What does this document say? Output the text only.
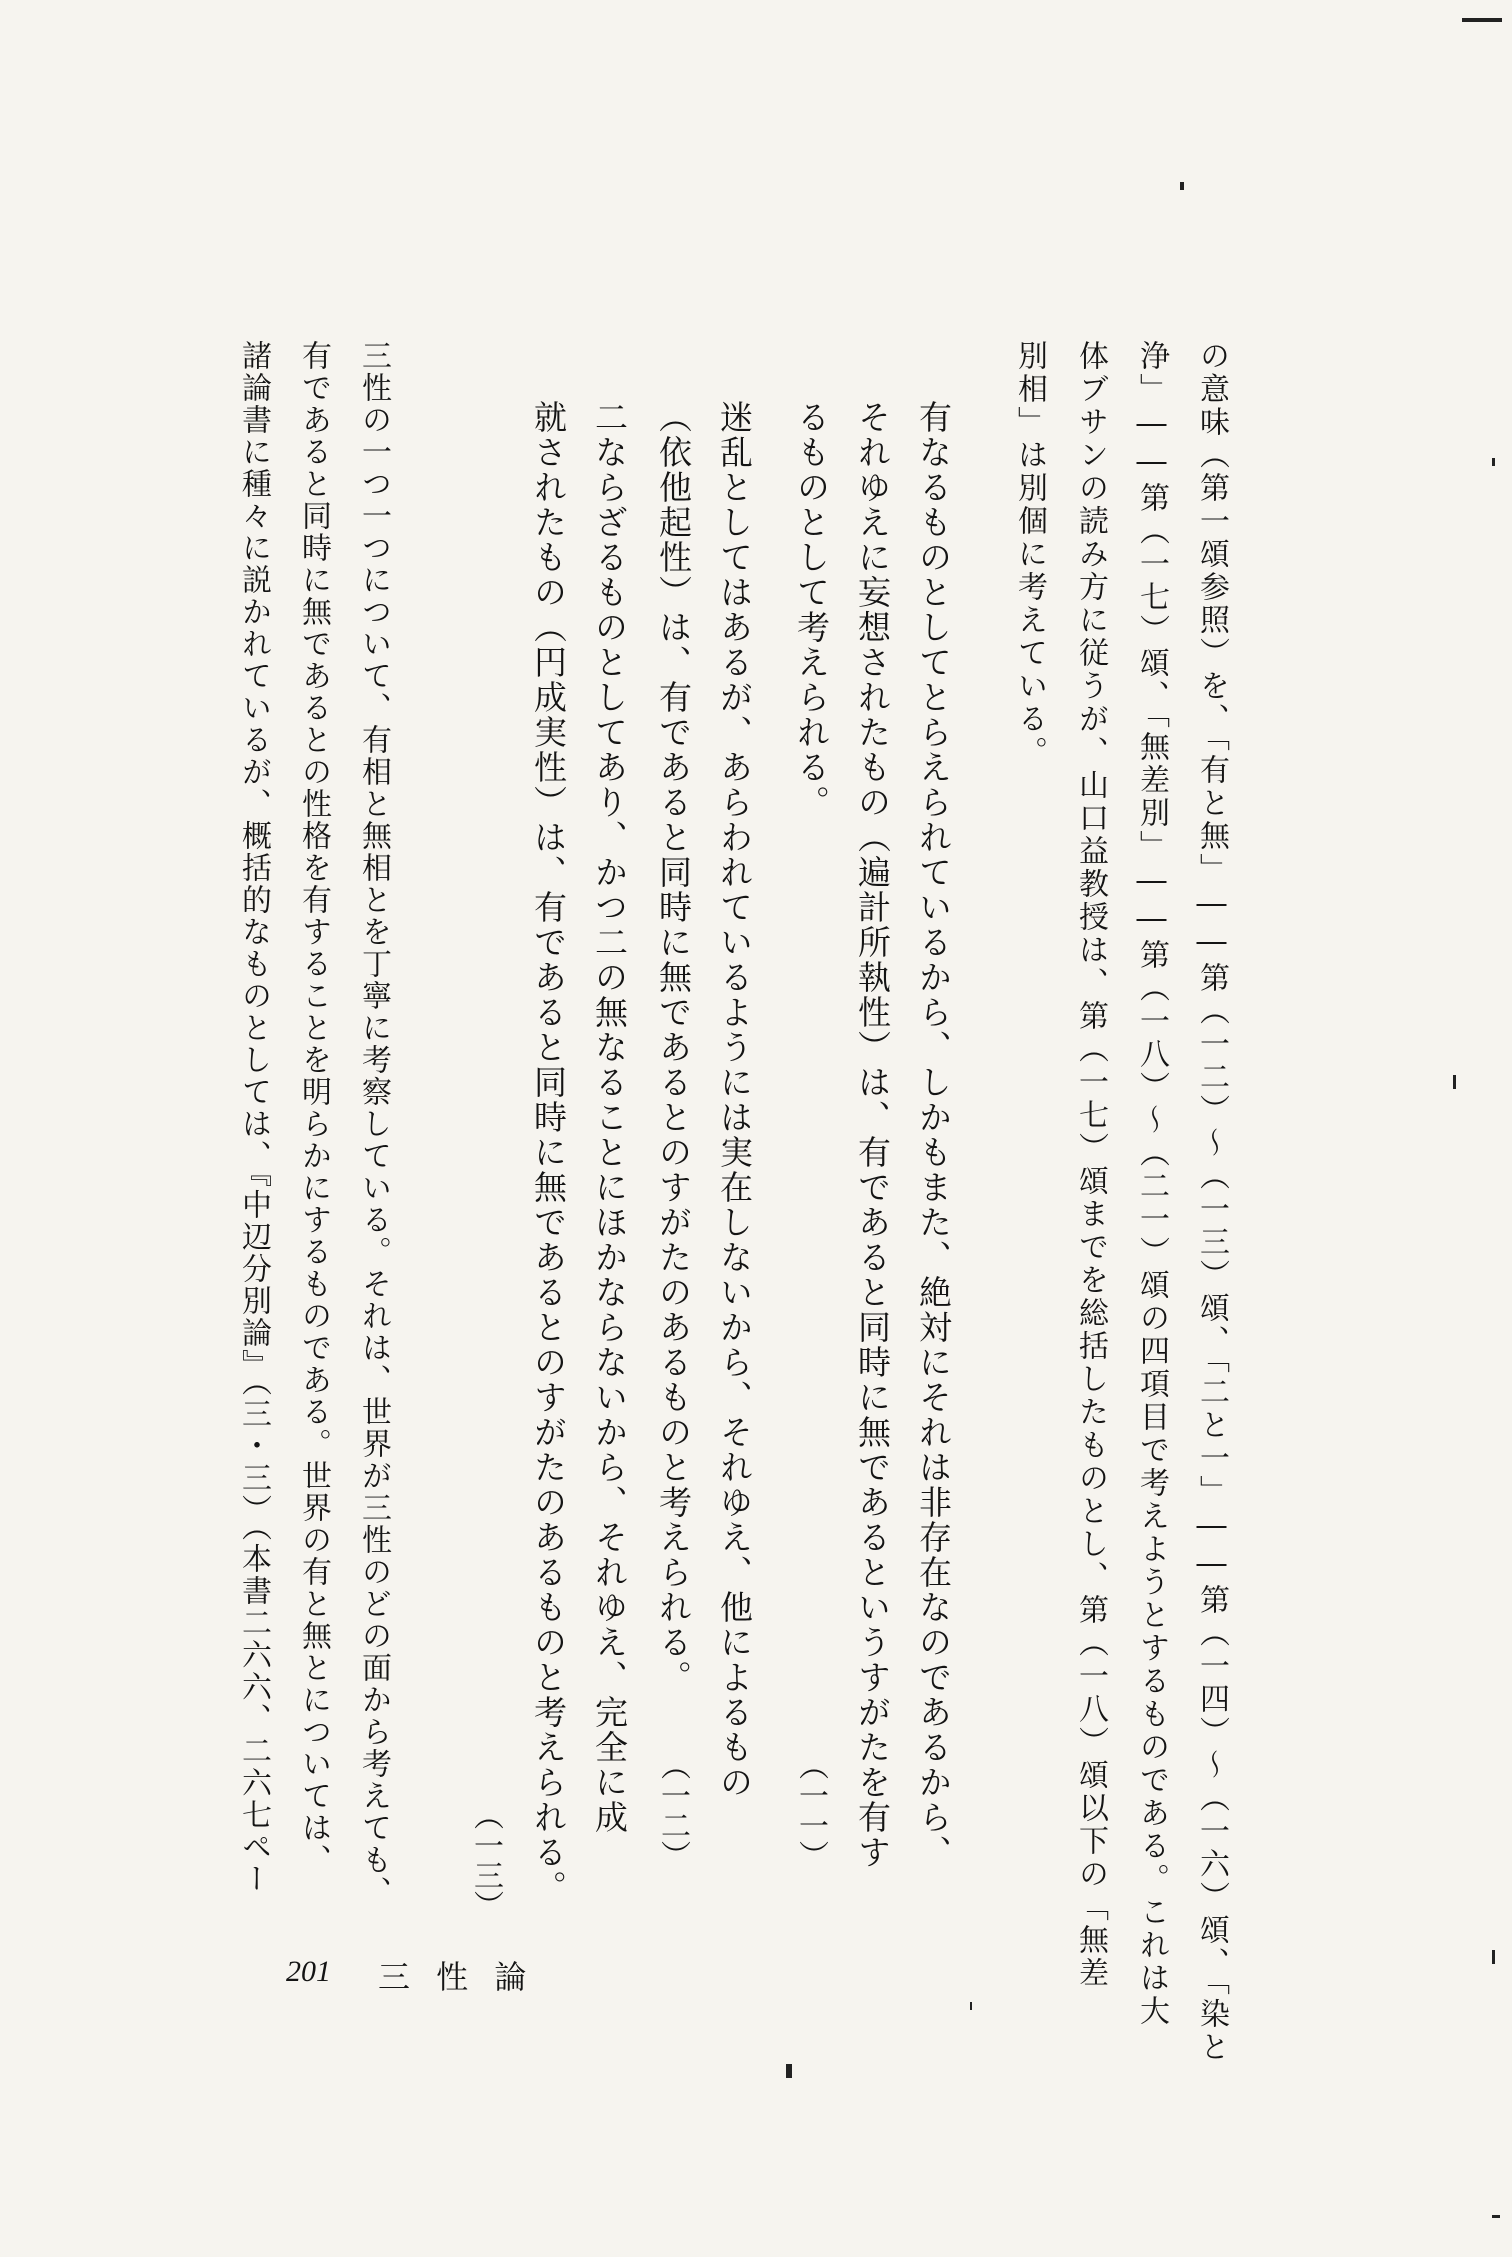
の意味（第一頌参照）を、「有と無」――第（一二）〜（一三）頌、「二と一」――第（一四）〜（一六）頌、「染と
浄」――第（一七）頌、「無差別」――第（一八）〜（二一）頌の四項目で考えようとするものである。これは大
体ブサンの読み方に従うが、山口益教授は、第（一七）頌までを総括したものとし、第（一八）頌以下の「無差
別相」は別個に考えている。
有なるものとしてとらえられているから、しかもまた、絶対にそれは非存在なのであるから、
それゆえに妄想されたもの（遍計所執性）は、有であると同時に無であるというすがたを有す
るものとして考えられる。
（一一）
迷乱としてはあるが、あらわれているようには実在しないから、それゆえ、他によるもの
（依他起性）は、有であると同時に無であるとのすがたのあるものと考えられる。
（一二）
二ならざるものとしてあり、かつ二の無なることにほかならないから、それゆえ、完全に成
就されたもの（円成実性）は、有であると同時に無であるとのすがたのあるものと考えられる。
（一三）
三性の一つ一つについて、有相と無相とを丁寧に考察している。それは、世界が三性のどの面から考えても、
有であると同時に無であるとの性格を有することを明らかにするものである。世界の有と無とについては、
諸論書に種々に説かれているが、概括的なものとしては、『中辺分別論』（三・三）（本書二六六、二六七ペー
201 三 性 論
